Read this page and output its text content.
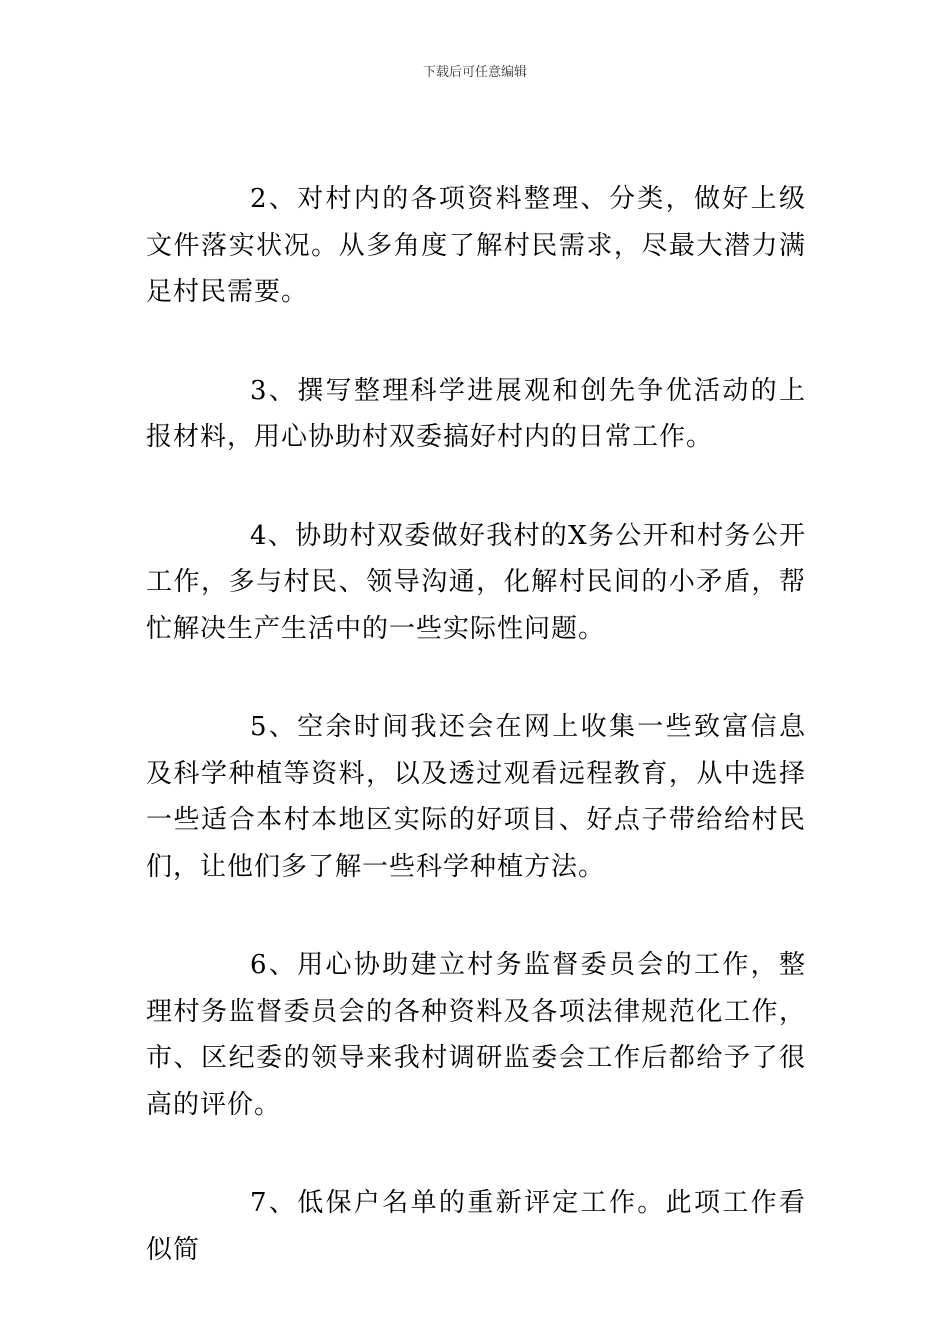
下载后可任意编辑

2、对村内的各项资料整理、分类，做好上级文件落实状况。从多角度了解村民需求，尽最大潜力满足村民需要。

3、撰写整理科学进展观和创先争优活动的上报材料，用心协助村双委搞好村内的日常工作。

4、协助村双委做好我村的X务公开和村务公开工作，多与村民、领导沟通，化解村民间的小矛盾，帮忙解决生产生活中的一些实际性问题。

5、空余时间我还会在网上收集一些致富信息及科学种植等资料，以及透过观看远程教育，从中选择一些适合本村本地区实际的好项目、好点子带给给村民们，让他们多了解一些科学种植方法。

6、用心协助建立村务监督委员会的工作，整理村务监督委员会的各种资料及各项法律规范化工作，市、区纪委的领导来我村调研监委会工作后都给予了很高的评价。

7、低保户名单的重新评定工作。此项工作看似简
